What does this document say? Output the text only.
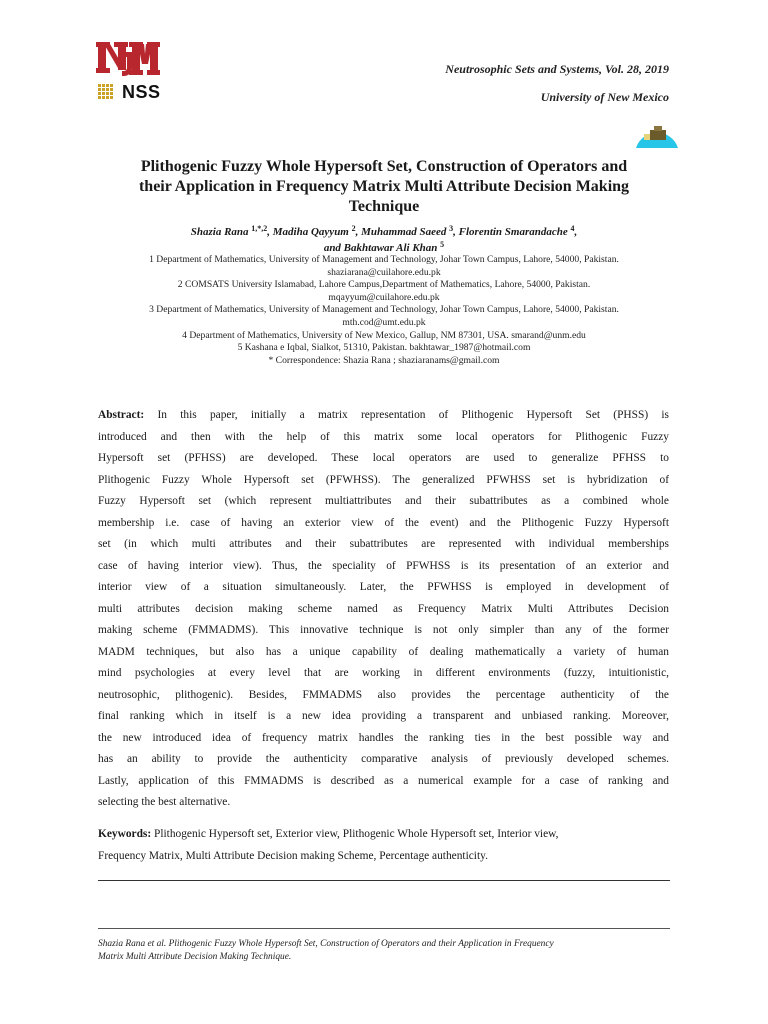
NSS
Neutrosophic Sets and Systems, Vol. 28, 2019
University of New Mexico
Plithogenic Fuzzy Whole Hypersoft Set, Construction of Operators and
their Application in Frequency Matrix Multi Attribute Decision Making
Technique
Shazia Rana $^{1,*,2}$, Madiha Qayyum $^2$, Muhammad Saeed $^3$, Florentin Smarandache $^4$,
and Bakhtawar Ali Khan $^5$
1 Department of Mathematics, University of Management and Technology, Johar Town Campus, Lahore, 54000, Pakistan.
shaziarana@cuilahore.edu.pk
2 COMSATS University Islamabad, Lahore Campus,Department of Mathematics, Lahore, 54000, Pakistan.
mqayyum@cuilahore.edu.pk
3 Department of Mathematics, University of Management and Technology, Johar Town Campus, Lahore, 54000, Pakistan.
mth.cod@umt.edu.pk
4 Department of Mathematics, University of New Mexico, Gallup, NM 87301, USA. smarand@unm.edu
5 Kashana e Iqbal, Sialkot, 51310, Pakistan. bakhtawar_1987@hotmail.com
* Correspondence: Shazia Rana ; shaziaranams@gmail.com
Abstract: In this paper, initially a matrix representation of Plithogenic Hypersoft Set (PHSS) is
introduced and then with the help of this matrix some local operators for Plithogenic Fuzzy
Hypersoft set (PFHSS) are developed. These local operators are used to generalize PFHSS to
Plithogenic Fuzzy Whole Hypersoft set (PFWHSS). The generalized PFWHSS set is hybridization of
Fuzzy Hypersoft set (which represent multiattributes and their subattributes as a combined whole
membership i.e. case of having an exterior view of the event) and the Plithogenic Fuzzy Hypersoft
set (in which multi attributes and their subattributes are represented with individual memberships
case of having interior view). Thus, the speciality of PFWHSS is its presentation of an exterior and
interior view of a situation simultaneously. Later, the PFWHSS is employed in development of
multi attributes decision making scheme named as Frequency Matrix Multi Attributes Decision
making scheme (FMMADMS). This innovative technique is not only simpler than any of the former
MADM techniques, but also has a unique capability of dealing mathematically a variety of human
mind psychologies at every level that are working in different environments (fuzzy, intuitionistic,
neutrosophic, plithogenic). Besides, FMMADMS also provides the percentage authenticity of the
final ranking which in itself is a new idea providing a transparent and unbiased ranking. Moreover,
the new introduced idea of frequency matrix handles the ranking ties in the best possible way and
has an ability to provide the authenticity comparative analysis of previously developed schemes.
Lastly, application of this FMMADMS is described as a numerical example for a case of ranking and
selecting the best alternative.
Keywords: Plithogenic Hypersoft set, Exterior view, Plithogenic Whole Hypersoft set, Interior view,
Frequency Matrix, Multi Attribute Decision making Scheme, Percentage authenticity.
Shazia Rana et al. Plithogenic Fuzzy Whole Hypersoft Set, Construction of Operators and their Application in Frequency
Matrix Multi Attribute Decision Making Technique.
